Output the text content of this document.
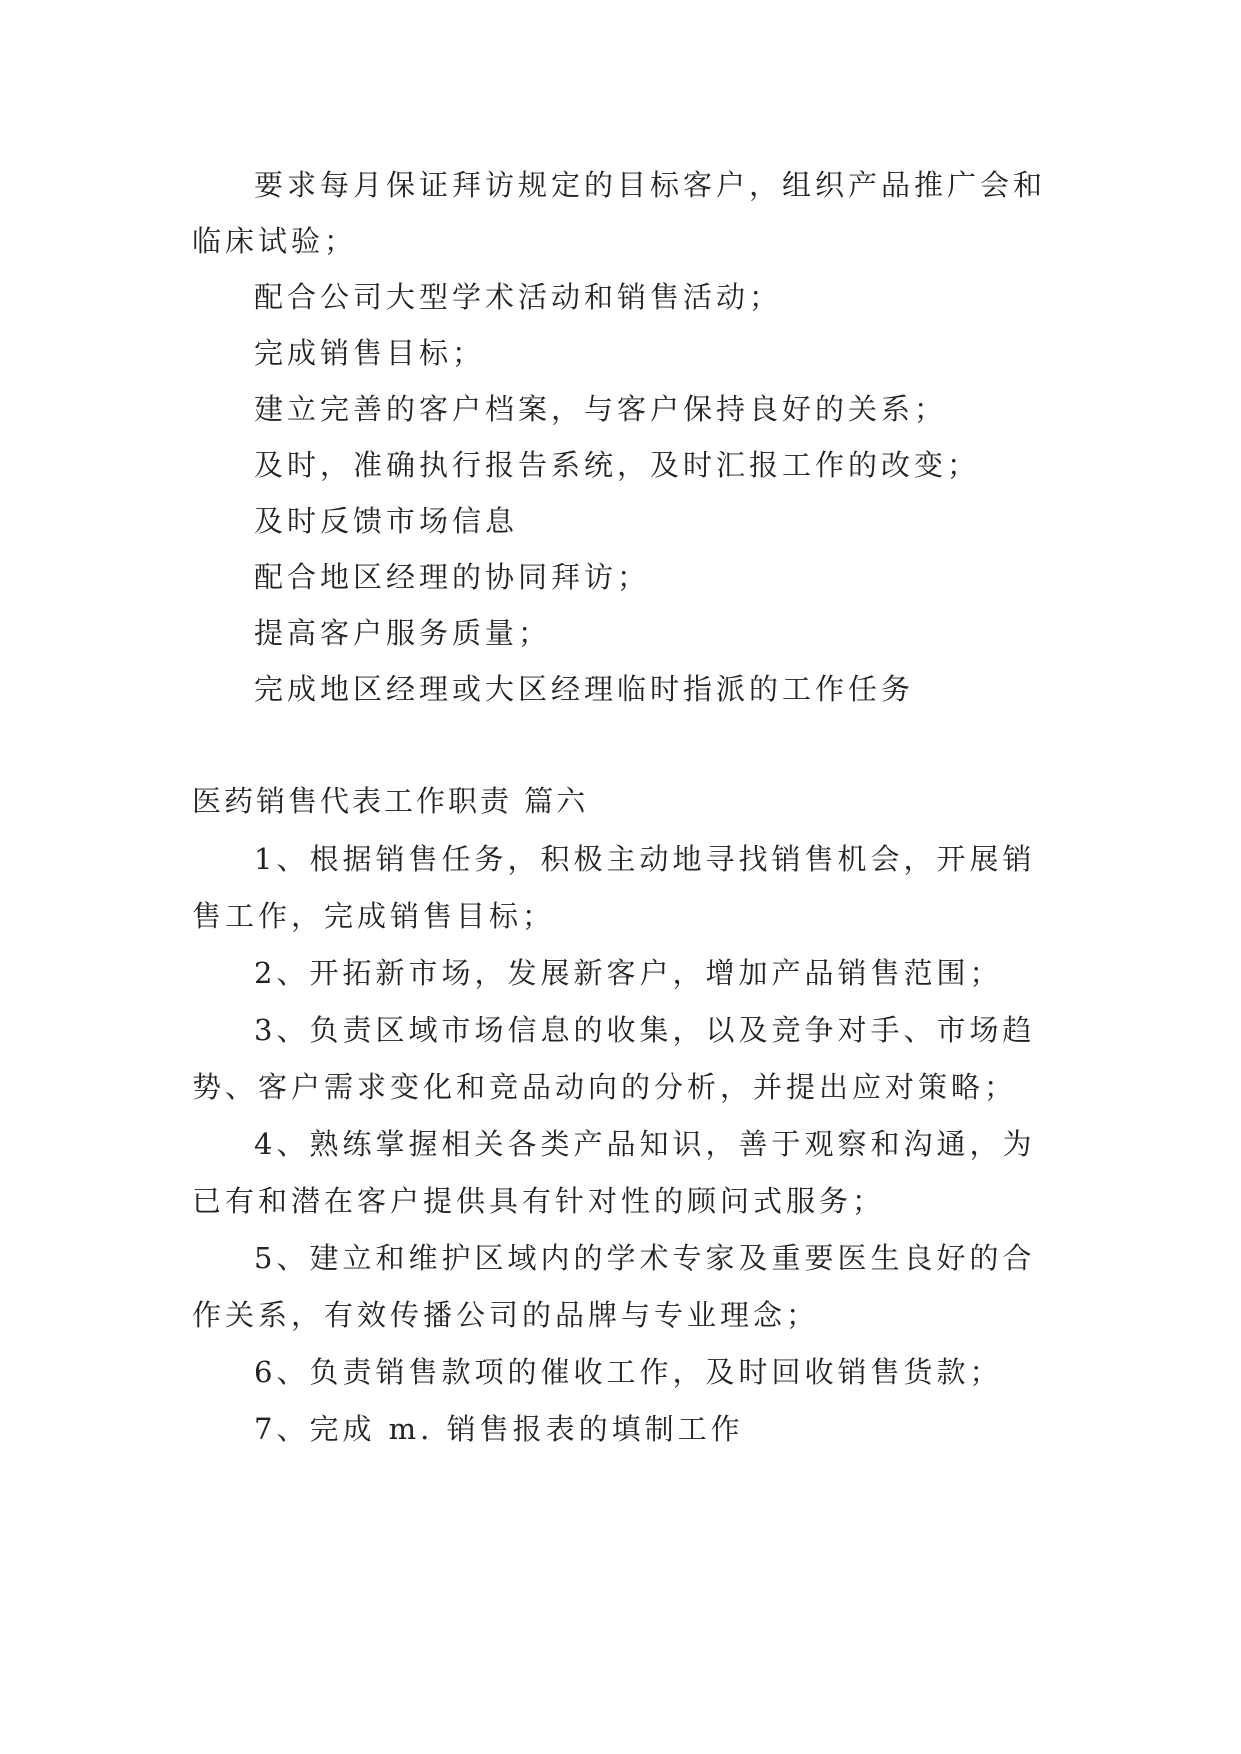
要求每月保证拜访规定的目标客户，组织产品推广会和
临床试验；
配合公司大型学术活动和销售活动；
完成销售目标；
建立完善的客户档案，与客户保持良好的关系；
及时，准确执行报告系统，及时汇报工作的改变；
及时反馈市场信息
配合地区经理的协同拜访；
提高客户服务质量；
完成地区经理或大区经理临时指派的工作任务
医药销售代表工作职责 篇六
1、根据销售任务，积极主动地寻找销售机会，开展销
售工作，完成销售目标；
2、开拓新市场，发展新客户，增加产品销售范围；
3、负责区域市场信息的收集，以及竞争对手、市场趋
势、客户需求变化和竞品动向的分析，并提出应对策略；
4、熟练掌握相关各类产品知识，善于观察和沟通，为
已有和潜在客户提供具有针对性的顾问式服务；
5、建立和维护区域内的学术专家及重要医生良好的合
作关系，有效传播公司的品牌与专业理念；
6、负责销售款项的催收工作，及时回收销售货款；
7、完成 m. 销售报表的填制工作
